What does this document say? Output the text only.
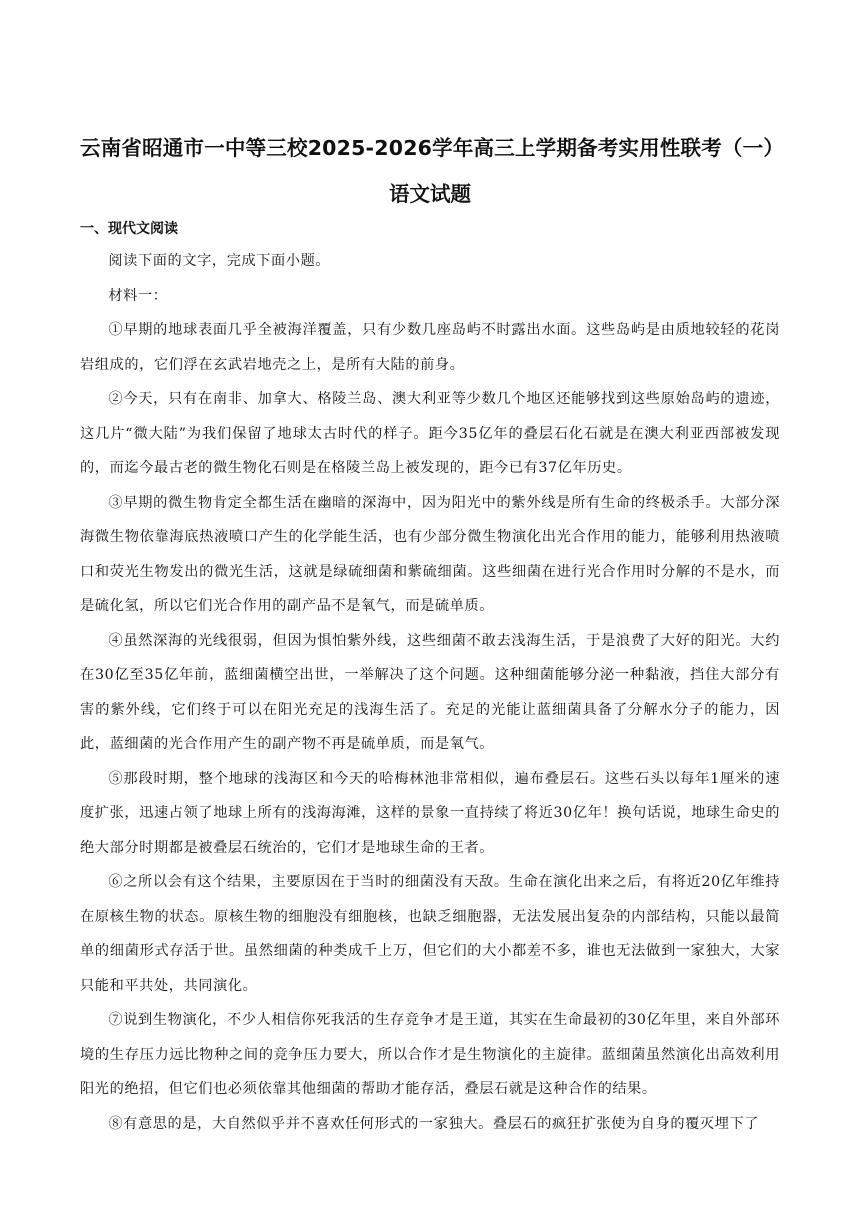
云南省昭通市一中等三校2025-2026学年高三上学期备考实用性联考（一）
语文试题
一、现代文阅读

阅读下面的文字，完成下面小题。

材料一：

①早期的地球表面几乎全被海洋覆盖，只有少数几座岛屿不时露出水面。这些岛屿是由质地较轻的花岗岩组成的，它们浮在玄武岩地壳之上，是所有大陆的前身。

②今天，只有在南非、加拿大、格陵兰岛、澳大利亚等少数几个地区还能够找到这些原始岛屿的遗迹，这几片“微大陆”为我们保留了地球太古时代的样子。距今35亿年的叠层石化石就是在澳大利亚西部被发现的，而迄今最古老的微生物化石则是在格陵兰岛上被发现的，距今已有37亿年历史。

③早期的微生物肯定全都生活在幽暗的深海中，因为阳光中的紫外线是所有生命的终极杀手。大部分深海微生物依靠海底热液喷口产生的化学能生活，也有少部分微生物演化出光合作用的能力，能够利用热液喷口和荧光生物发出的微光生活，这就是绿硫细菌和紫硫细菌。这些细菌在进行光合作用时分解的不是水，而是硫化氢，所以它们光合作用的副产品不是氧气，而是硫单质。

④虽然深海的光线很弱，但因为惧怕紫外线，这些细菌不敢去浅海生活，于是浪费了大好的阳光。大约在30亿至35亿年前，蓝细菌横空出世，一举解决了这个问题。这种细菌能够分泌一种黏液，挡住大部分有害的紫外线，它们终于可以在阳光充足的浅海生活了。充足的光能让蓝细菌具备了分解水分子的能力，因此，蓝细菌的光合作用产生的副产物不再是硫单质，而是氧气。

⑤那段时期，整个地球的浅海区和今天的哈梅林池非常相似，遍布叠层石。这些石头以每年1厘米的速度扩张，迅速占领了地球上所有的浅海海滩，这样的景象一直持续了将近30亿年！换句话说，地球生命史的绝大部分时期都是被叠层石统治的，它们才是地球生命的王者。

⑥之所以会有这个结果，主要原因在于当时的细菌没有天敌。生命在演化出来之后，有将近20亿年维持在原核生物的状态。原核生物的细胞没有细胞核，也缺乏细胞器，无法发展出复杂的内部结构，只能以最简单的细菌形式存活于世。虽然细菌的种类成千上万，但它们的大小都差不多，谁也无法做到一家独大，大家只能和平共处，共同演化。

⑦说到生物演化，不少人相信你死我活的生存竞争才是王道，其实在生命最初的30亿年里，来自外部环境的生存压力远比物种之间的竞争压力要大，所以合作才是生物演化的主旋律。蓝细菌虽然演化出高效利用阳光的绝招，但它们也必须依靠其他细菌的帮助才能存活，叠层石就是这种合作的结果。

⑧有意思的是，大自然似乎并不喜欢任何形式的一家独大。叠层石的疯狂扩张使为自身的覆灭埋下了
